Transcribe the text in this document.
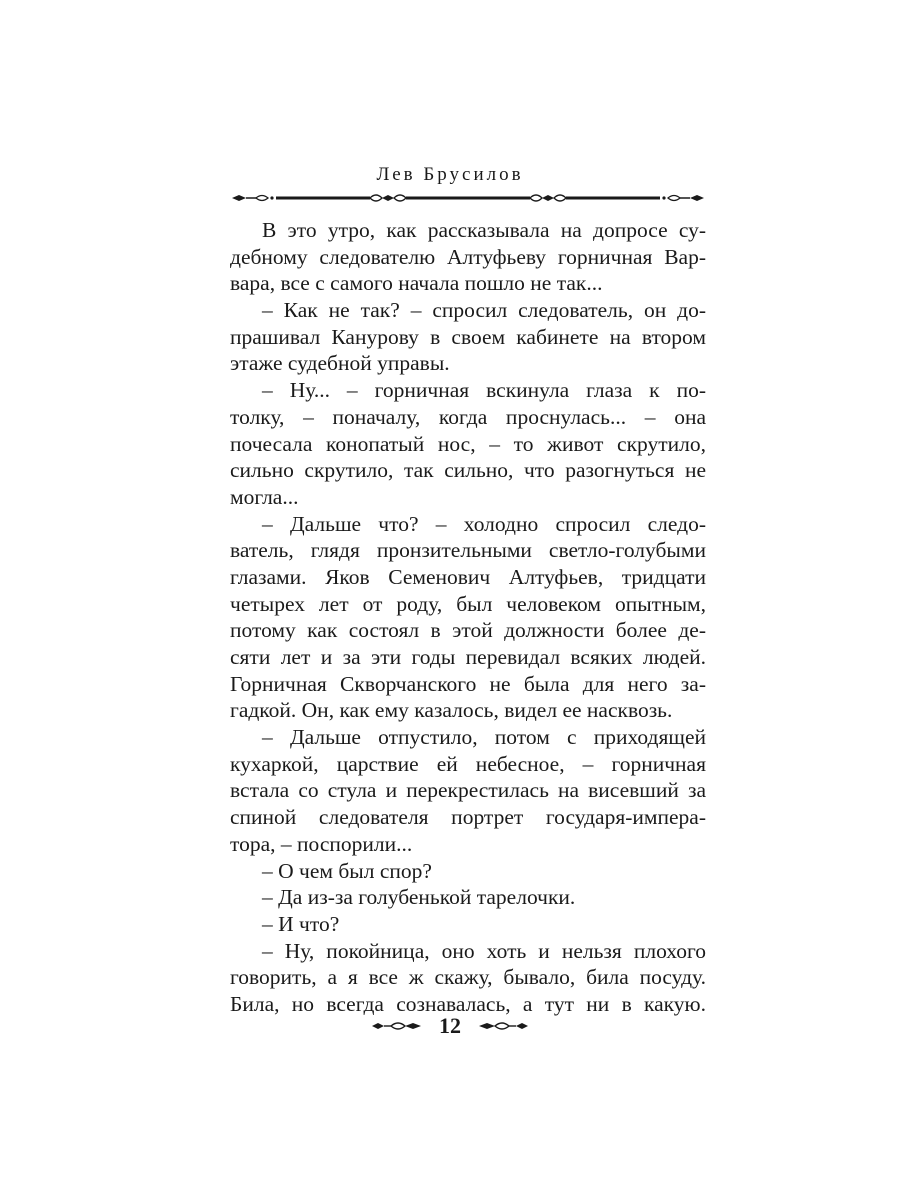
Лев Брусилов

В это утро, как рассказывала на допросе су-

дебному следователю Алтуфьеву горничная Вар-

вара, все с самого начала пошло не так...

– Как не так? – спросил следователь, он до-

прашивал Канурову в своем кабинете на втором

этаже судебной управы.

– Ну... – горничная вскинула глаза к по-

толку, – поначалу, когда проснулась... – она

почесала конопатый нос, – то живот скрутило,

сильно скрутило, так сильно, что разогнуться не

могла...

– Дальше что? – холодно спросил следо-

ватель, глядя пронзительными светло-голубыми

глазами. Яков Семенович Алтуфьев, тридцати

четырех лет от роду, был человеком опытным,

потому как состоял в этой должности более де-

сяти лет и за эти годы перевидал всяких людей.

Горничная Скворчанского не была для него за-

гадкой. Он, как ему казалось, видел ее насквозь.

– Дальше отпустило, потом с приходящей

кухаркой, царствие ей небесное, – горничная

встала со стула и перекрестилась на висевший за

спиной следователя портрет государя-импера-

тора, – поспорили...

– О чем был спор?

– Да из-за голубенькой тарелочки.

– И что?

– Ну, покойница, оно хоть и нельзя плохого

говорить, а я все ж скажу, бывало, била посуду.

Била, но всегда сознавалась, а тут ни в какую.

12
